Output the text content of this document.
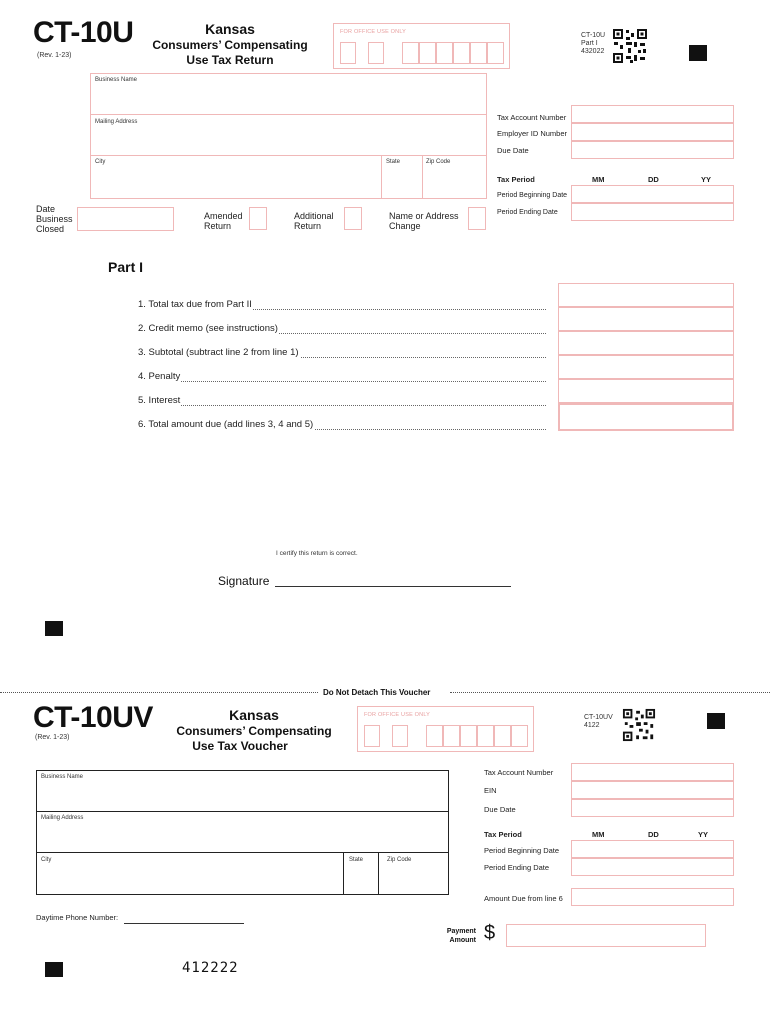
CT-10U
(Rev. 1-23)
Kansas
Consumers’ Compensating
Use Tax Return
FOR OFFICE USE ONLY	CT-10U
Part I
432022
Business Name
Mailing Address
City	State	Zip Code
Tax Account Number
Employer ID Number
Due Date
Tax Period	MM	DD	YY
Period Beginning Date
Period Ending Date
Date
Business
Closed
Amended
Return
Additional
Return
Name or Address
Change
Part I
1. Total tax due from Part II
2. Credit memo (see instructions)
3. Subtotal (subtract line 2 from line 1)
4. Penalty
5. Interest
6. Total amount due (add lines 3, 4 and 5)
I certify this return is correct.
Signature
Do Not Detach This Voucher
CT-10UV
(Rev. 1-23)
Kansas
Consumers’ Compensating
Use Tax Voucher
FOR OFFICE USE ONLY	CT-10UV
4122
Business Name
Mailing Address
City	State	Zip Code
Tax Account Number
EIN
Due Date
Tax Period	MM	DD	YY
Period Beginning Date
Period Ending Date
Amount Due from line 6
Daytime Phone Number:
Payment
Amount $
412222
